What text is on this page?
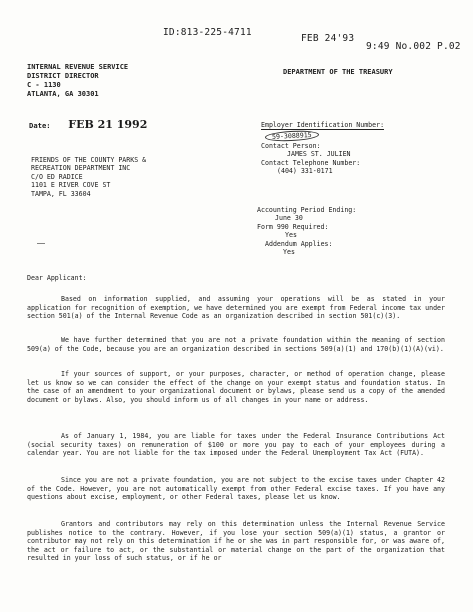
ID:813-225-4711
FEB 24'93
9:49 No.002 P.02
INTERNAL REVENUE SERVICE
DISTRICT DIRECTOR
C - 1130
ATLANTA, GA 30301
DEPARTMENT OF THE TREASURY
Date: FEB 21 1992	Employer Identification Number:
59-3088915
Contact Person:
JAMES ST. JULIEN
Contact Telephone Number:
(404) 331-0171
FRIENDS OF THE COUNTY PARKS &
RECREATION DEPARTMENT INC
C/O ED RADICE
1101 E RIVER COVE ST
TAMPA, FL 33604
Accounting Period Ending:
June 30
Form 990 Required:
Yes
Addendum Applies:
Yes
Dear Applicant:

Based on information supplied, and assuming your operations will be as stated in your application for recognition of exemption, we have determined you are exempt from Federal income tax under section 501(a) of the Internal Revenue Code as an organization described in section 501(c)(3).

We have further determined that you are not a private foundation within the meaning of section 509(a) of the Code, because you are an organization described in sections 509(a)(1) and 170(b)(1)(A)(vi).

If your sources of support, or your purposes, character, or method of operation change, please let us know so we can consider the effect of the change on your exempt status and foundation status. In the case of an amendment to your organizational document or bylaws, please send us a copy of the amended document or bylaws. Also, you should inform us of all changes in your name or address.

As of January 1, 1984, you are liable for taxes under the Federal Insurance Contributions Act (social security taxes) on remuneration of $100 or more you pay to each of your employees during a calendar year. You are not liable for the tax imposed under the Federal Unemployment Tax Act (FUTA).

Since you are not a private foundation, you are not subject to the excise taxes under Chapter 42 of the Code. However, you are not automatically exempt from other Federal excise taxes. If you have any questions about excise, employment, or other Federal taxes, please let us know.

Grantors and contributors may rely on this determination unless the Internal Revenue Service publishes notice to the contrary. However, if you lose your section 509(a)(1) status, a grantor or contributor may not rely on this determination if he or she was in part responsible for, or was aware of, the act or failure to act, or the substantial or material change on the part of the organization that resulted in your loss of such status, or if he or
